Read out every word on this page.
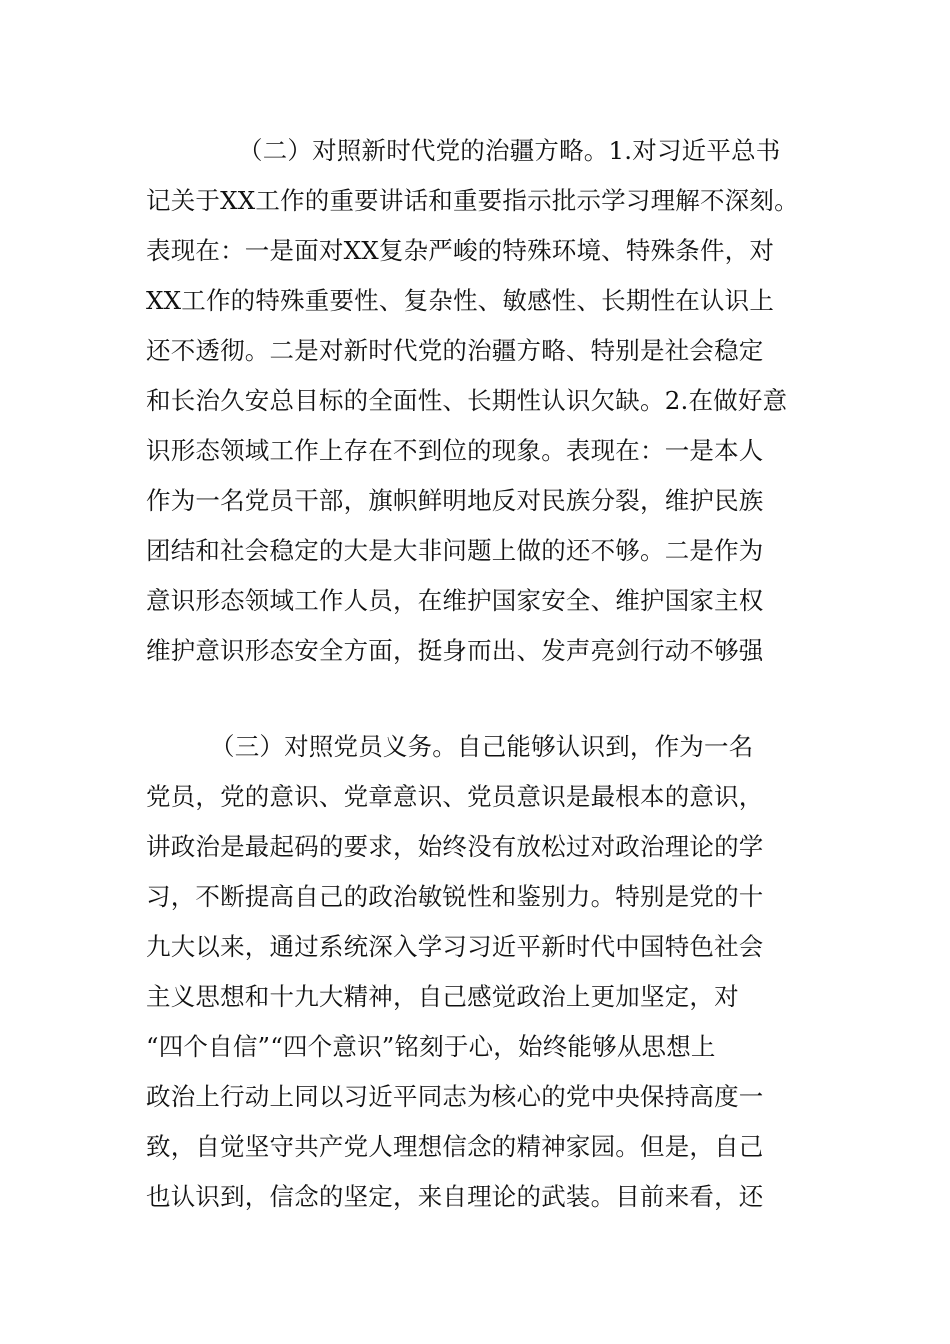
（二）对照新时代党的治疆方略。1.对习近平总书
记关于XX工作的重要讲话和重要指示批示学习理解不深刻。
表现在：一是面对XX复杂严峻的特殊环境、特殊条件，对
XX工作的特殊重要性、复杂性、敏感性、长期性在认识上
还不透彻。二是对新时代党的治疆方略、特别是社会稳定
和长治久安总目标的全面性、长期性认识欠缺。2.在做好意
识形态领域工作上存在不到位的现象。表现在：一是本人
作为一名党员干部，旗帜鲜明地反对民族分裂，维护民族
团结和社会稳定的大是大非问题上做的还不够。二是作为
意识形态领域工作人员，在维护国家安全、维护国家主权
维护意识形态安全方面，挺身而出、发声亮剑行动不够强
（三）对照党员义务。自己能够认识到，作为一名
党员，党的意识、党章意识、党员意识是最根本的意识，
讲政治是最起码的要求，始终没有放松过对政治理论的学
习，不断提高自己的政治敏锐性和鉴别力。特别是党的十
九大以来，通过系统深入学习习近平新时代中国特色社会
主义思想和十九大精神，自己感觉政治上更加坚定，对
“四个自信”“四个意识”铭刻于心，始终能够从思想上
政治上行动上同以习近平同志为核心的党中央保持高度一
致，自觉坚守共产党人理想信念的精神家园。但是，自己
也认识到，信念的坚定，来自理论的武装。目前来看，还
